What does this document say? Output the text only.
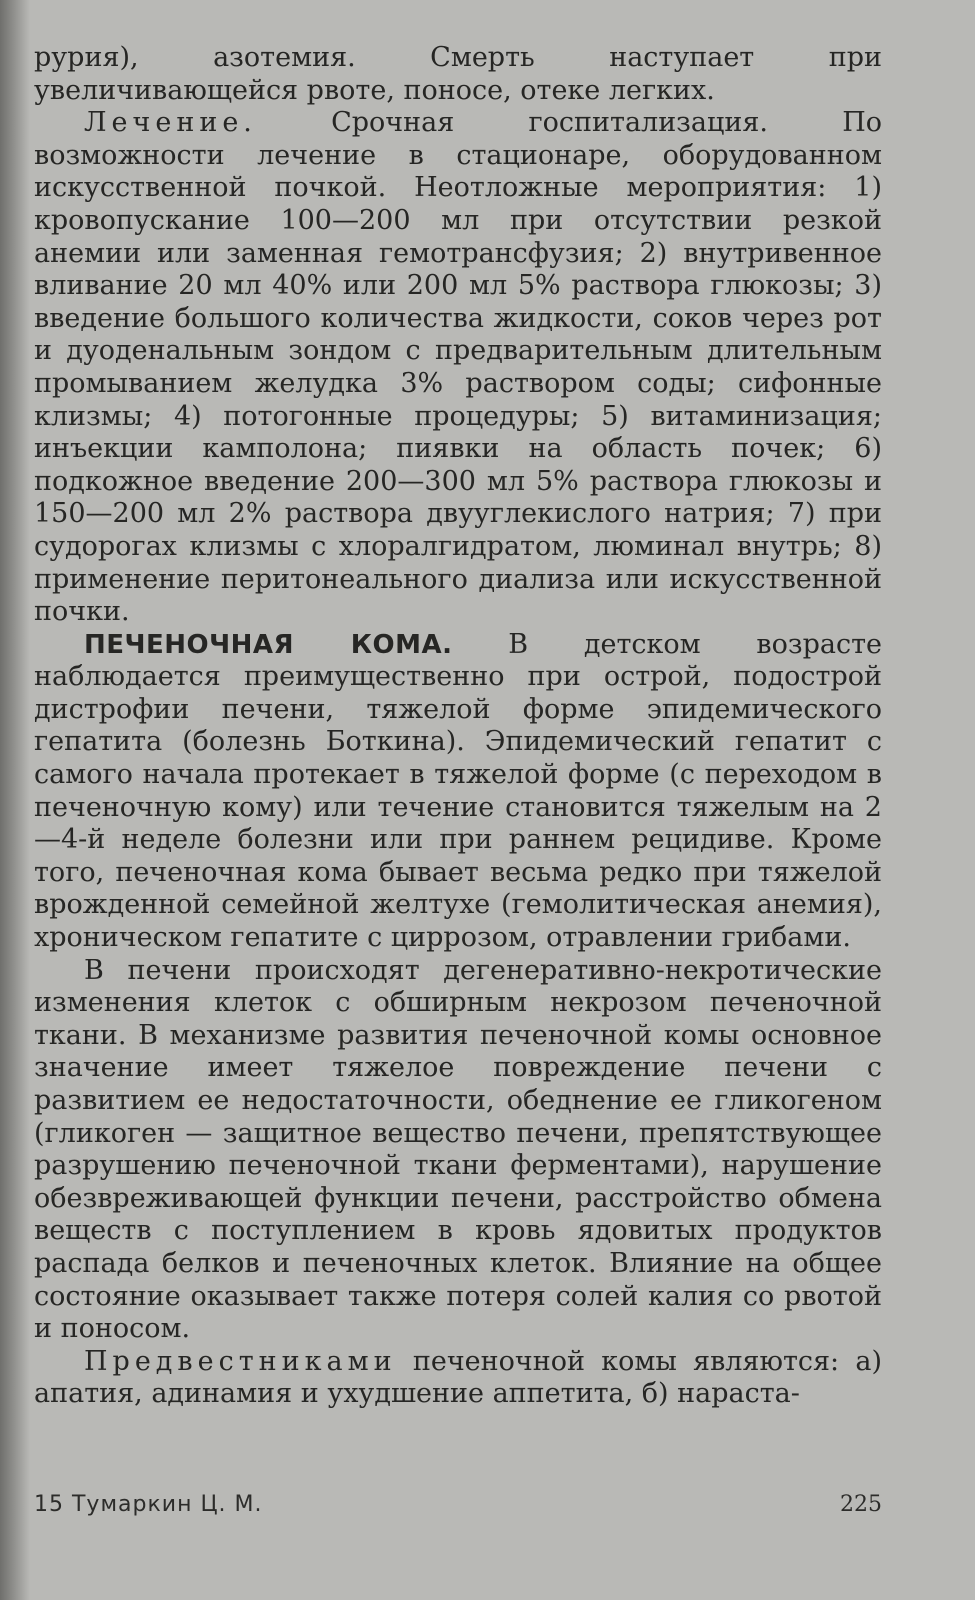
рурия), азотемия. Смерть наступает при увеличивающейся рвоте, поносе, отеке легких.

Лечение. Срочная госпитализация. По возможности лечение в стационаре, оборудованном искусственной почкой. Неотложные мероприятия: 1) кровопускание 100—200 мл при отсутствии резкой анемии или заменная гемотрансфузия; 2) внутривенное вливание 20 мл 40% или 200 мл 5% раствора глюкозы; 3) введение большого количества жидкости, соков через рот и дуоденальным зондом с предварительным длительным промыванием желудка 3% раствором соды; сифонные клизмы; 4) потогонные процедуры; 5) витаминизация; инъекции камполона; пиявки на область почек; 6) подкожное введение 200—300 мл 5% раствора глюкозы и 150—200 мл 2% раствора двууглекислого натрия; 7) при судорогах клизмы с хлоралгидратом, люминал внутрь; 8) применение перитонеального диализа или искусственной почки.

ПЕЧЕНОЧНАЯ КОМА. В детском возрасте наблюдается преимущественно при острой, подострой дистрофии печени, тяжелой форме эпидемического гепатита (болезнь Боткина). Эпидемический гепатит с самого начала протекает в тяжелой форме (с переходом в печеночную кому) или течение становится тяжелым на 2—4-й неделе болезни или при раннем рецидиве. Кроме того, печеночная кома бывает весьма редко при тяжелой врожденной семейной желтухе (гемолитическая анемия), хроническом гепатите с циррозом, отравлении грибами.

В печени происходят дегенеративно-некротические изменения клеток с обширным некрозом печеночной ткани. В механизме развития печеночной комы основное значение имеет тяжелое повреждение печени с развитием ее недостаточности, обеднение ее гликогеном (гликоген — защитное вещество печени, препятствующее разрушению печеночной ткани ферментами), нарушение обезвреживающей функции печени, расстройство обмена веществ с поступлением в кровь ядовитых продуктов распада белков и печеночных клеток. Влияние на общее состояние оказывает также потеря солей калия со рвотой и поносом.

Предвестниками печеночной комы являются: а) апатия, адинамия и ухудшение аппетита, б) нараста-

15 Тумаркин Ц. М.	225
